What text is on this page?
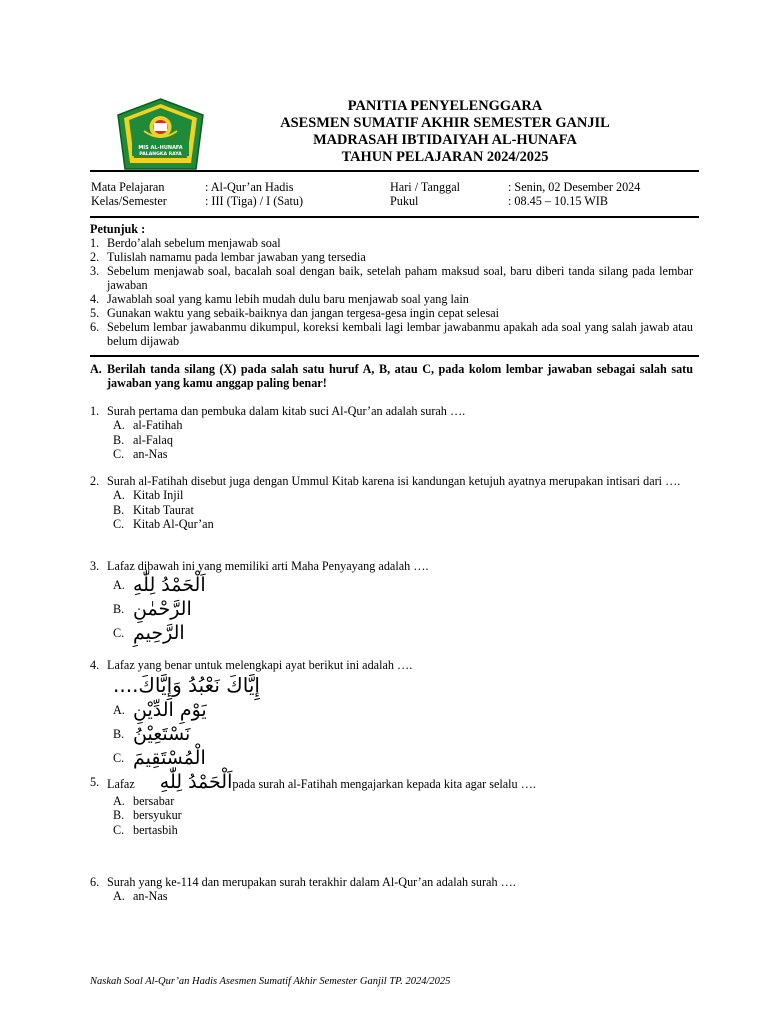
MIS AL-HUNAFA
PALANGKA RAYA
PANITIA PENYELENGGARA
ASESMEN SUMATIF AKHIR SEMESTER GANJIL
MADRASAH IBTIDAIYAH AL-HUNAFA
TAHUN PELAJARAN 2024/2025
Mata Pelajaran	: Al-Qur’an Hadis
Kelas/Semester	: III (Tiga) / I (Satu)
Hari / Tanggal	: Senin, 02 Desember 2024
Pukul	: 08.45 – 10.15 WIB
Petunjuk :
1. Berdo’alah sebelum menjawab soal
2. Tulislah namamu pada lembar jawaban yang tersedia
3. Sebelum menjawab soal, bacalah soal dengan baik, setelah paham maksud soal, baru diberi tanda silang pada lembar jawaban
4. Jawablah soal yang kamu lebih mudah dulu baru menjawab soal yang lain
5. Gunakan waktu yang sebaik-baiknya dan jangan tergesa-gesa ingin cepat selesai
6. Sebelum lembar jawabanmu dikumpul, koreksi kembali lagi lembar jawabanmu apakah ada soal yang salah jawab atau belum dijawab
A. Berilah tanda silang (X) pada salah satu huruf A, B, atau C, pada kolom lembar jawaban sebagai salah satu jawaban yang kamu anggap paling benar!
1. Surah pertama dan pembuka dalam kitab suci Al-Qur’an adalah surah ….
A. al-Fatihah
B. al-Falaq
C. an-Nas
2. Surah al-Fatihah disebut juga dengan Ummul Kitab karena isi kandungan ketujuh ayatnya merupakan intisari dari ….
A. Kitab Injil
B. Kitab Taurat
C. Kitab Al-Qur’an
3. Lafaz dibawah ini yang memiliki arti Maha Penyayang adalah ….
A. اَلْحَمْدُ لِلّٰهِ
B. الرَّحْمٰنِ
C. الرَّحِيمِ
4. Lafaz yang benar untuk melengkapi ayat berikut ini adalah ….
إِيَّاكَ نَعْبُدُ وَإِيَّاكَ....
A. يَوْمِ الدِّيْنِ
B. نَسْتَعِيْنُ
C. الْمُسْتَقِيمَ
5. Lafaz اَلْحَمْدُ لِلّٰهِpada surah al-Fatihah mengajarkan kepada kita agar selalu ….
A. bersabar
B. bersyukur
C. bertasbih
6. Surah yang ke-114 dan merupakan surah terakhir dalam Al-Qur’an adalah surah ….
A. an-Nas
Naskah Soal Al-Qur’an Hadis Asesmen Sumatif Akhir Semester Ganjil TP. 2024/2025
